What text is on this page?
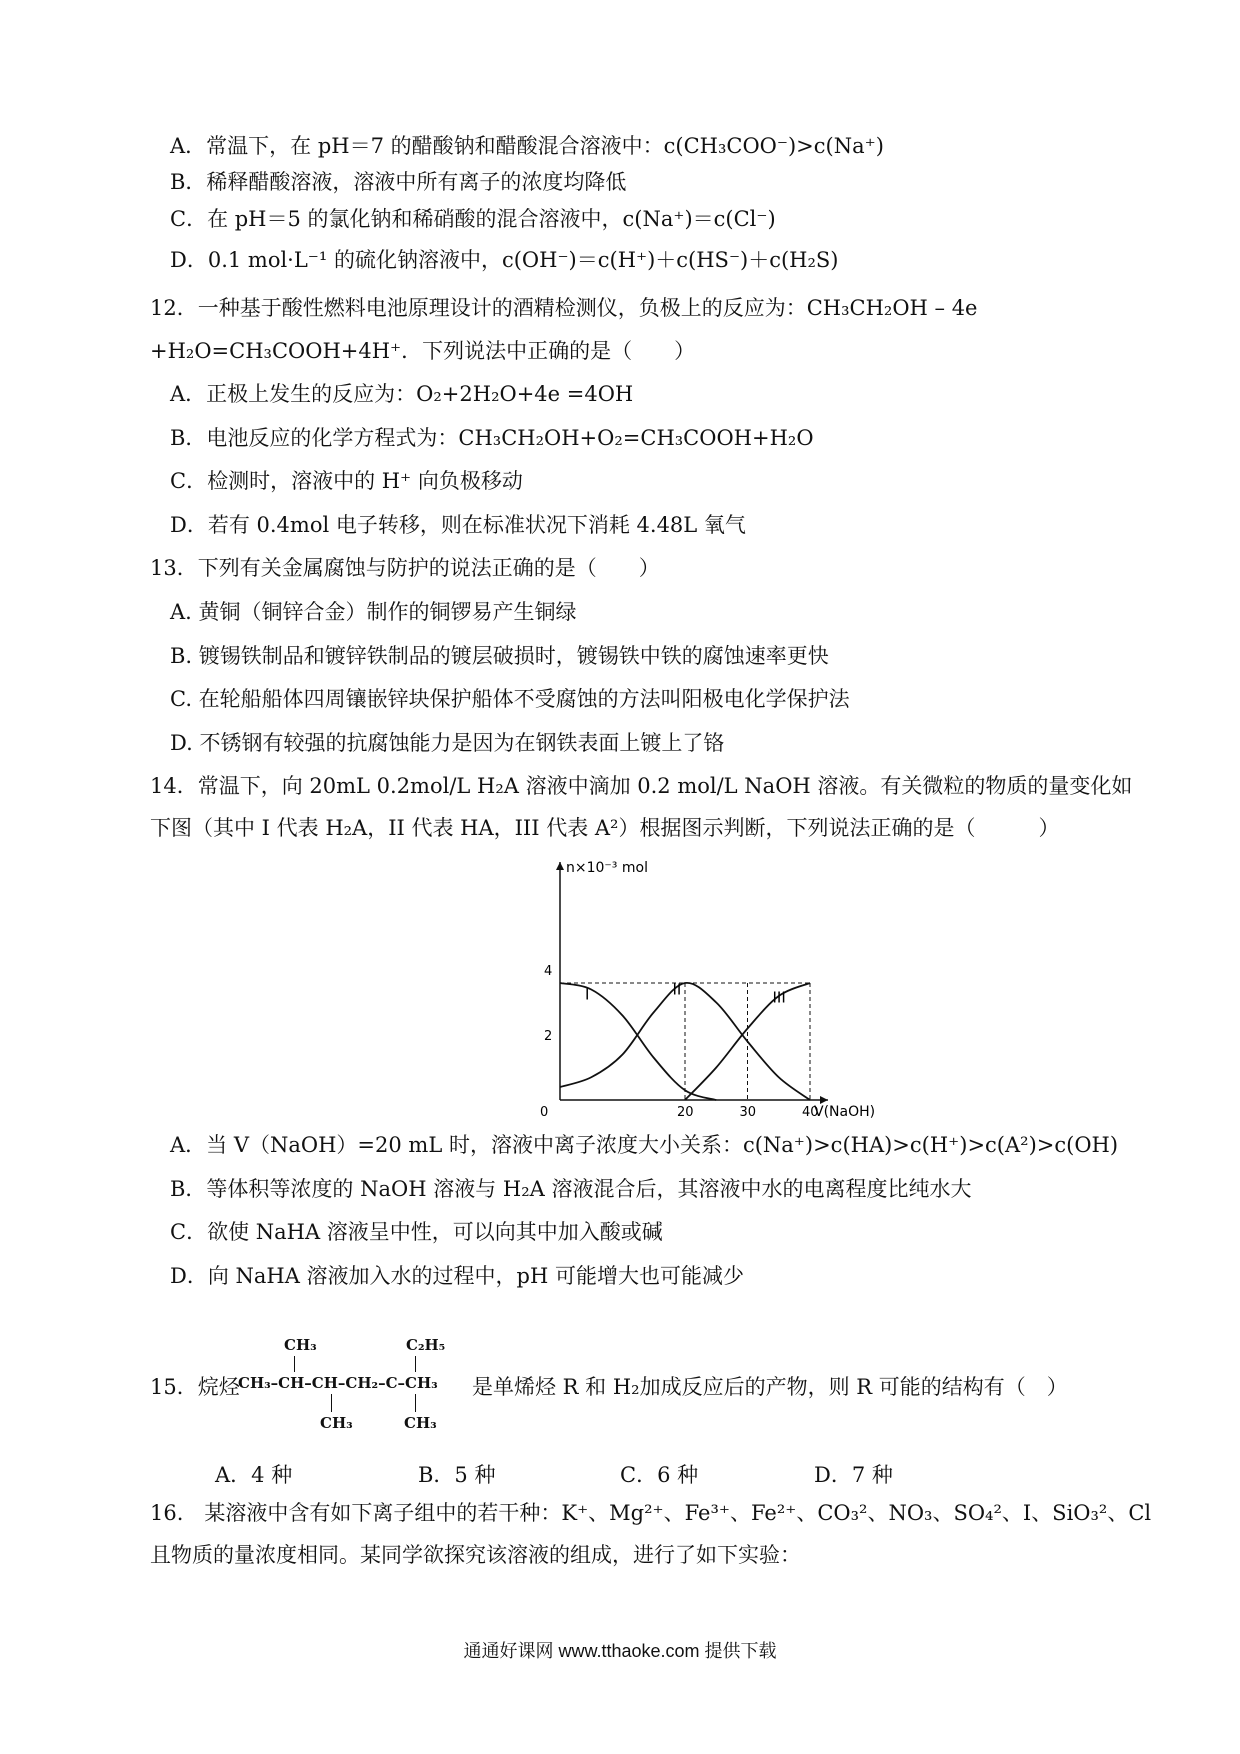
A．常温下，在 pH＝7 的醋酸钠和醋酸混合溶液中：c(CH₃COO⁻)>c(Na⁺)
B．稀释醋酸溶液，溶液中所有离子的浓度均降低
C．在 pH＝5 的氯化钠和稀硝酸的混合溶液中，c(Na⁺)＝c(Cl⁻)
D．0.1 mol·L⁻¹ 的硫化钠溶液中，c(OH⁻)＝c(H⁺)＋c(HS⁻)＋c(H₂S)
12．一种基于酸性燃料电池原理设计的酒精检测仪，负极上的反应为：CH₃CH₂OH – 4e
+H₂O=CH₃COOH+4H⁺．下列说法中正确的是（　　）
A．正极上发生的反应为：O₂+2H₂O+4e =4OH
B．电池反应的化学方程式为：CH₃CH₂OH+O₂=CH₃COOH+H₂O
C．检测时，溶液中的 H⁺ 向负极移动
D．若有 0.4mol 电子转移，则在标准状况下消耗 4.48L 氧气
13．下列有关金属腐蚀与防护的说法正确的是（　　）
A. 黄铜（铜锌合金）制作的铜锣易产生铜绿
B. 镀锡铁制品和镀锌铁制品的镀层破损时，镀锡铁中铁的腐蚀速率更快
C. 在轮船船体四周镶嵌锌块保护船体不受腐蚀的方法叫阳极电化学保护法
D. 不锈钢有较强的抗腐蚀能力是因为在钢铁表面上镀上了铬
14．常温下，向 20mL 0.2mol/L H₂A 溶液中滴加 0.2 mol/L NaOH 溶液。有关微粒的物质的量变化如
下图（其中 I 代表 H₂A，II 代表 HA，III 代表 A²）根据图示判断，下列说法正确的是（　　　）
I	II	III
n×10⁻³ mol
V(NaOH)
4
2
0	20	30	40
A．当 V（NaOH）=20 mL 时，溶液中离子浓度大小关系：c(Na⁺)>c(HA)>c(H⁺)>c(A²)>c(OH)
B．等体积等浓度的 NaOH 溶液与 H₂A 溶液混合后，其溶液中水的电离程度比纯水大
C．欲使 NaHA 溶液呈中性，可以向其中加入酸或碱
D．向 NaHA 溶液加入水的过程中，pH 可能增大也可能减少
15．烷烃
CH₃	C₂H₅
CH₃–CH–CH–CH₂–C–CH₃
CH₃	CH₃
是单烯烃 R 和 H₂加成反应后的产物，则 R 可能的结构有（　）
A．4 种	B．5 种	C．6 种	D．7 种
16.　某溶液中含有如下离子组中的若干种：K⁺、Mg²⁺、Fe³⁺、Fe²⁺、CO₃²、NO₃、SO₄²、I、SiO₃²、Cl
且物质的量浓度相同。某同学欲探究该溶液的组成，进行了如下实验：
通通好课网 www.tthaoke.com 提供下载
